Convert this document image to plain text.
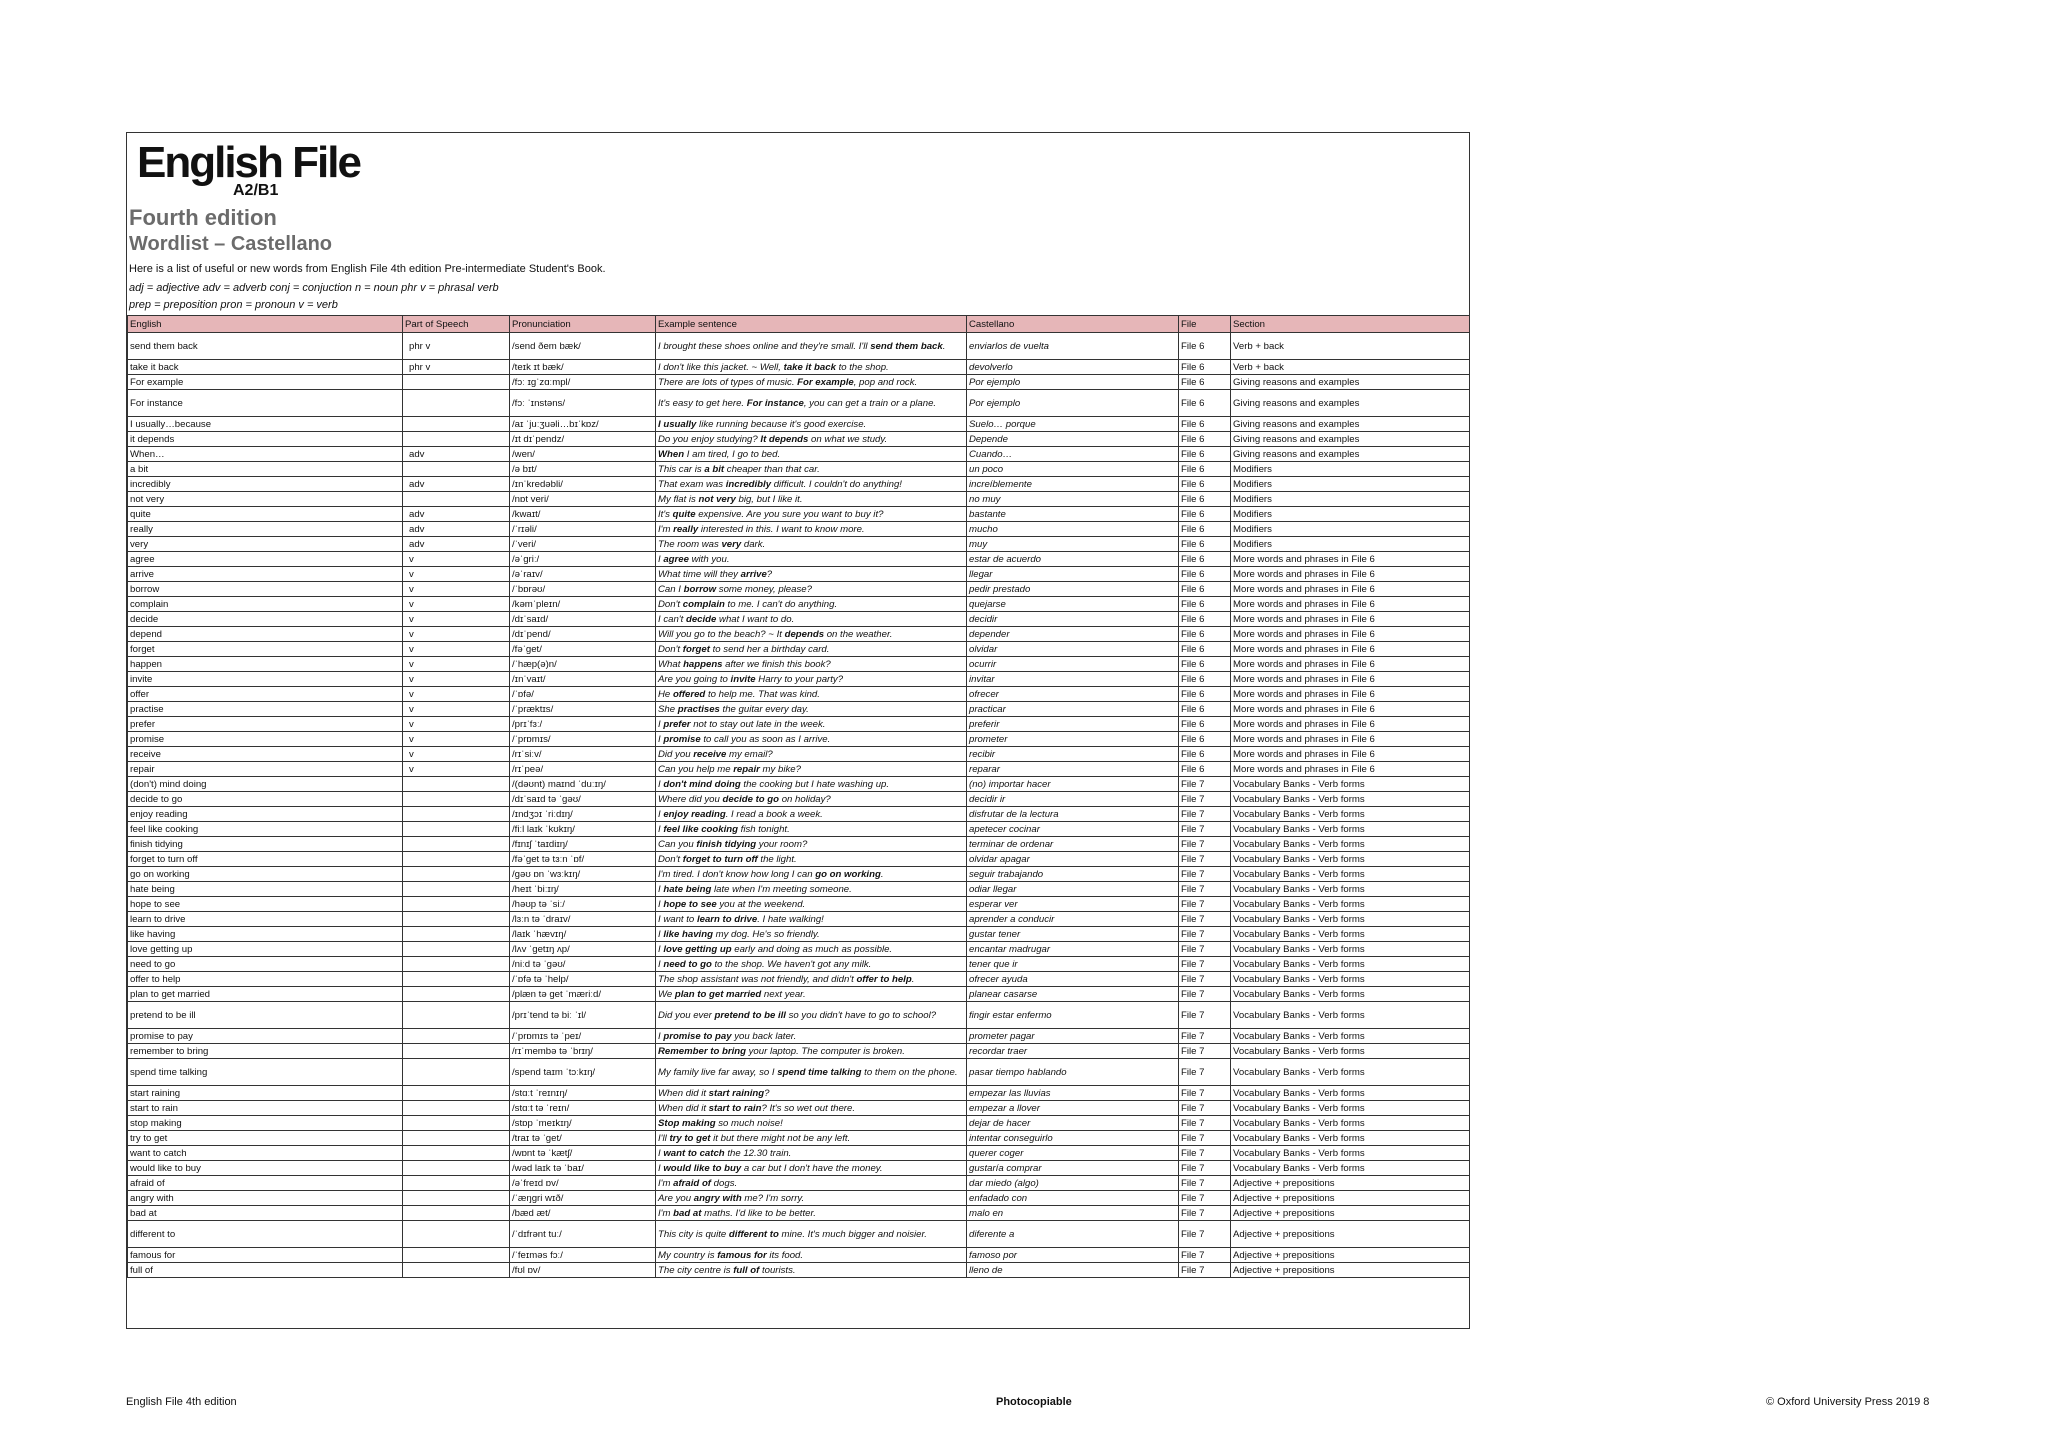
English File
A2/B1
Fourth edition
Wordlist – Castellano
Here is a list of useful or new words from English File 4th edition Pre-intermediate Student's Book.
adj = adjective adv = adverb conj = conjuction n = noun phr v = phrasal verb
prep = preposition pron = pronoun v = verb
English	Part of Speech	Pronunciation	Example sentence	Castellano	File	Section
send them back	phr v	/send ðem bæk/	I brought these shoes online and they're small. I'll send them back.	enviarlos de vuelta	File 6	Verb + back
take it back	phr v	/teɪk ɪt bæk/	I don't like this jacket. ~ Well, take it back to the shop.	devolverlo	File 6	Verb + back
For example		/fɔː ɪɡˈzɑːmpl/	There are lots of types of music. For example, pop and rock.	Por ejemplo	File 6	Giving reasons and examples
For instance		/fɔː ˈɪnstəns/	It's easy to get here. For instance, you can get a train or a plane.	Por ejemplo	File 6	Giving reasons and examples
I usually…because		/aɪ ˈjuːʒuəli…bɪˈkɒz/	I usually like running because it's good exercise.	Suelo… porque	File 6	Giving reasons and examples
it depends		/ɪt dɪˈpendz/	Do you enjoy studying? It depends on what we study.	Depende	File 6	Giving reasons and examples
When…	adv	/wen/	When I am tired, I go to bed.	Cuando…	File 6	Giving reasons and examples
a bit		/ə bɪt/	This car is a bit cheaper than that car.	un poco	File 6	Modifiers
incredibly	adv	/ɪnˈkredəbli/	That exam was incredibly difficult. I couldn't do anything!	increíblemente	File 6	Modifiers
not very		/nɒt veri/	My flat is not very big, but I like it.	no muy	File 6	Modifiers
quite	adv	/kwaɪt/	It's quite expensive. Are you sure you want to buy it?	bastante	File 6	Modifiers
really	adv	/ˈrɪəli/	I'm really interested in this. I want to know more.	mucho	File 6	Modifiers
very	adv	/ˈveri/	The room was very dark.	muy	File 6	Modifiers
agree	v	/əˈɡriː/	I agree with you.	estar de acuerdo	File 6	More words and phrases in File 6
arrive	v	/əˈraɪv/	What time will they arrive?	llegar	File 6	More words and phrases in File 6
borrow	v	/ˈbɒrəʊ/	Can I borrow some money, please?	pedir prestado	File 6	More words and phrases in File 6
complain	v	/kəmˈpleɪn/	Don't complain to me. I can't do anything.	quejarse	File 6	More words and phrases in File 6
decide	v	/dɪˈsaɪd/	I can't decide what I want to do.	decidir	File 6	More words and phrases in File 6
depend	v	/dɪˈpend/	Will you go to the beach? ~ It depends on the weather.	depender	File 6	More words and phrases in File 6
forget	v	/fəˈɡet/	Don't forget to send her a birthday card.	olvidar	File 6	More words and phrases in File 6
happen	v	/ˈhæp(ə)n/	What happens after we finish this book?	ocurrir	File 6	More words and phrases in File 6
invite	v	/ɪnˈvaɪt/	Are you going to invite Harry to your party?	invitar	File 6	More words and phrases in File 6
offer	v	/ˈɒfə/	He offered to help me. That was kind.	ofrecer	File 6	More words and phrases in File 6
practise	v	/ˈpræktɪs/	She practises the guitar every day.	practicar	File 6	More words and phrases in File 6
prefer	v	/prɪˈfɜː/	I prefer not to stay out late in the week.	preferir	File 6	More words and phrases in File 6
promise	v	/ˈprɒmɪs/	I promise to call you as soon as I arrive.	prometer	File 6	More words and phrases in File 6
receive	v	/rɪˈsiːv/	Did you receive my email?	recibir	File 6	More words and phrases in File 6
repair	v	/rɪˈpeə/	Can you help me repair my bike?	reparar	File 6	More words and phrases in File 6
(don't) mind doing		/(dəʊnt) maɪnd ˈduːɪŋ/	I don't mind doing the cooking but I hate washing up.	(no) importar hacer	File 7	Vocabulary Banks - Verb forms
decide to go		/dɪˈsaɪd tə ˈɡəʊ/	Where did you decide to go on holiday?	decidir ir	File 7	Vocabulary Banks - Verb forms
enjoy reading		/ɪndʒɔɪ ˈriːdɪŋ/	I enjoy reading. I read a book a week.	disfrutar de la lectura	File 7	Vocabulary Banks - Verb forms
feel like cooking		/fiːl laɪk ˈkʊkɪŋ/	I feel like cooking fish tonight.	apetecer cocinar	File 7	Vocabulary Banks - Verb forms
finish tidying		/fɪnɪʃ ˈtaɪdiɪŋ/	Can you finish tidying your room?	terminar de ordenar	File 7	Vocabulary Banks - Verb forms
forget to turn off		/fəˈɡet tə tɜːn ˈɒf/	Don't forget to turn off the light.	olvidar apagar	File 7	Vocabulary Banks - Verb forms
go on working		/ɡəʊ ɒn ˈwɜːkɪŋ/	I'm tired. I don't know how long I can go on working.	seguir trabajando	File 7	Vocabulary Banks - Verb forms
hate being		/heɪt ˈbiːɪŋ/	I hate being late when I'm meeting someone.	odiar llegar	File 7	Vocabulary Banks - Verb forms
hope to see		/həʊp tə ˈsiː/	I hope to see you at the weekend.	esperar ver	File 7	Vocabulary Banks - Verb forms
learn to drive		/lɜːn tə ˈdraɪv/	I want to learn to drive. I hate walking!	aprender a conducir	File 7	Vocabulary Banks - Verb forms
like having		/laɪk ˈhævɪŋ/	I like having my dog. He's so friendly.	gustar tener	File 7	Vocabulary Banks - Verb forms
love getting up		/lʌv ˈɡetɪŋ ʌp/	I love getting up early and doing as much as possible.	encantar madrugar	File 7	Vocabulary Banks - Verb forms
need to go		/niːd tə ˈɡəʊ/	I need to go to the shop. We haven't got any milk.	tener que ir	File 7	Vocabulary Banks - Verb forms
offer to help		/ˈɒfə tə ˈhelp/	The shop assistant was not friendly, and didn't offer to help.	ofrecer ayuda	File 7	Vocabulary Banks - Verb forms
plan to get married		/plæn tə ɡet ˈmæriːd/	We plan to get married next year.	planear casarse	File 7	Vocabulary Banks - Verb forms
pretend to be ill		/prɪˈtend tə biː ˈɪl/	Did you ever pretend to be ill so you didn't have to go to school?	fingir estar enfermo	File 7	Vocabulary Banks - Verb forms
promise to pay		/ˈprɒmɪs tə ˈpeɪ/	I promise to pay you back later.	prometer pagar	File 7	Vocabulary Banks - Verb forms
remember to bring		/rɪˈmembə tə ˈbrɪŋ/	Remember to bring your laptop. The computer is broken.	recordar traer	File 7	Vocabulary Banks - Verb forms
spend time talking		/spend taɪm ˈtɔːkɪŋ/	My family live far away, so I spend time talking to them on the phone.	pasar tiempo hablando	File 7	Vocabulary Banks - Verb forms
start raining		/stɑːt ˈreɪnɪŋ/	When did it start raining?	empezar las lluvias	File 7	Vocabulary Banks - Verb forms
start to rain		/stɑːt tə ˈreɪn/	When did it start to rain? It's so wet out there.	empezar a llover	File 7	Vocabulary Banks - Verb forms
stop making		/stɒp ˈmeɪkɪŋ/	Stop making so much noise!	dejar de hacer	File 7	Vocabulary Banks - Verb forms
try to get		/traɪ tə ˈɡet/	I'll try to get it but there might not be any left.	intentar conseguirlo	File 7	Vocabulary Banks - Verb forms
want to catch		/wɒnt tə ˈkætʃ/	I want to catch the 12.30 train.	querer coger	File 7	Vocabulary Banks - Verb forms
would like to buy		/wəd laɪk tə ˈbaɪ/	I would like to buy a car but I don't have the money.	gustaría comprar	File 7	Vocabulary Banks - Verb forms
afraid of		/əˈfreɪd ɒv/	I'm afraid of dogs.	dar miedo (algo)	File 7	Adjective + prepositions
angry with		/ˈæŋɡri wɪð/	Are you angry with me? I'm sorry.	enfadado con	File 7	Adjective + prepositions
bad at		/bæd æt/	I'm bad at maths. I'd like to be better.	malo en	File 7	Adjective + prepositions
different to		/ˈdɪfrənt tuː/	This city is quite different to mine. It's much bigger and noisier.	diferente a	File 7	Adjective + prepositions
famous for		/ˈfeɪməs fɔː/	My country is famous for its food.	famoso por	File 7	Adjective + prepositions
full of		/fʊl ɒv/	The city centre is full of tourists.	lleno de	File 7	Adjective + prepositions
English File 4th edition	Photocopiable	© Oxford University Press 2019 8
